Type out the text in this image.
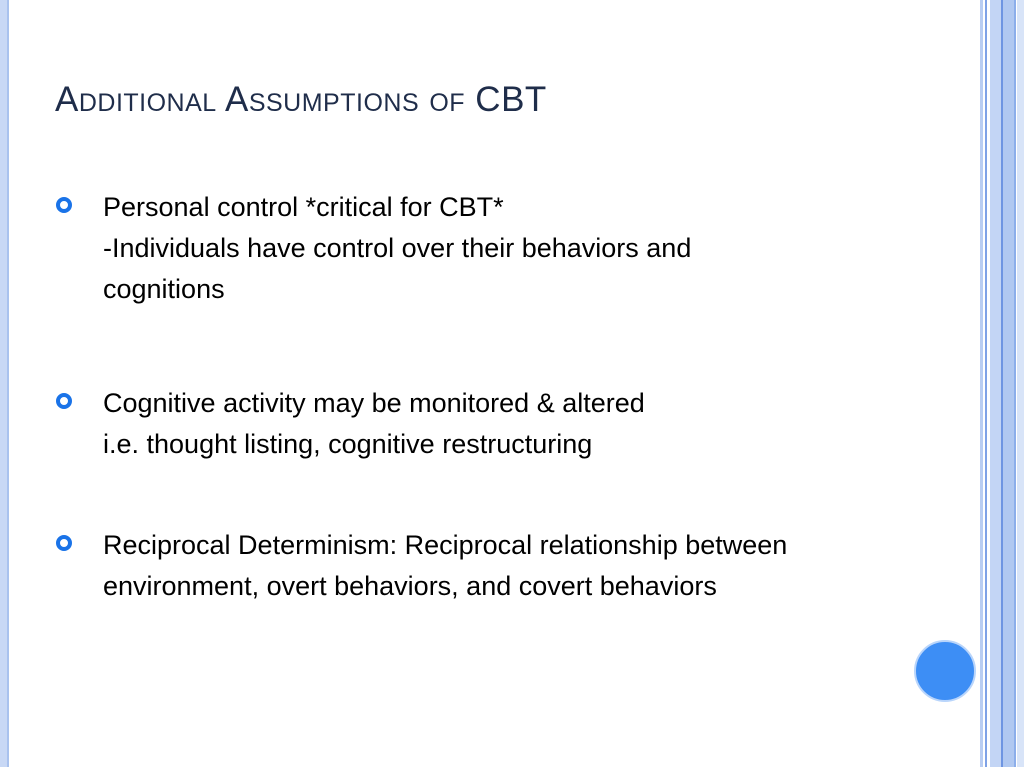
Additional Assumptions of CBT
Personal control *critical for CBT*
-Individuals have control over their behaviors and
cognitions
Cognitive activity may be monitored & altered
i.e. thought listing, cognitive restructuring
Reciprocal Determinism: Reciprocal relationship between
environment, overt behaviors, and covert behaviors
